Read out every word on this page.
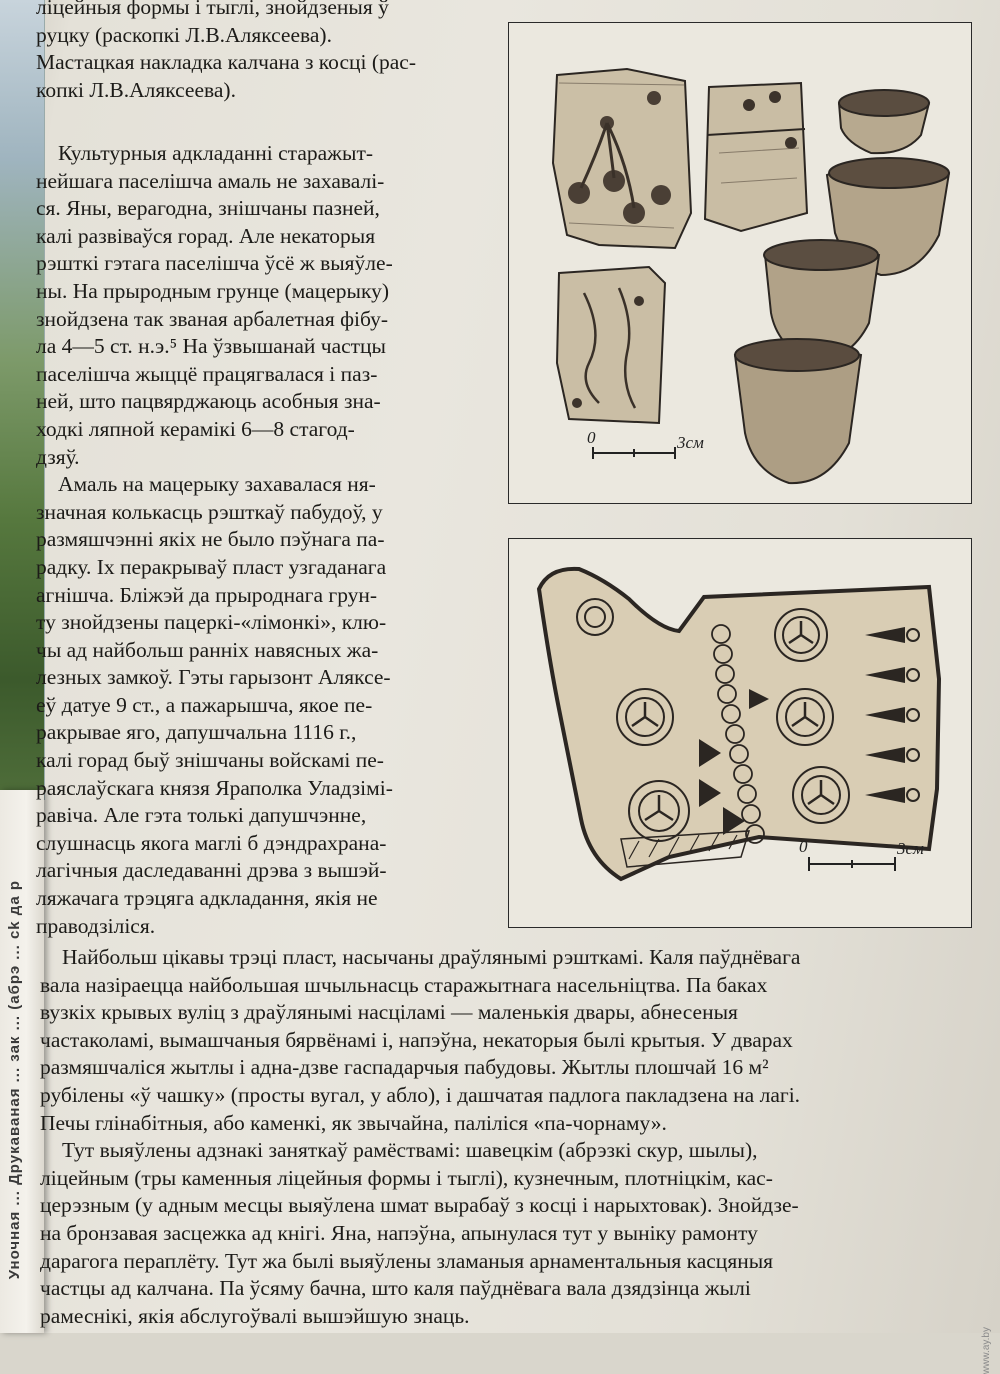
Уночная ... Друкаваная ... зак ... (абрэ ... ck да р

ліцейныя формы і тыглі, знойдзеныя ў

руцку (раскопкі Л.В.Аляксеева).

Мастацкая накладка калчана з косці (рас-

копкі Л.В.Аляксеева).

Культурныя адкладанні старажыт-

нейшага паселішча амаль не захавалі-

ся. Яны, верагодна, знішчаны пазней,

калі развіваўся горад. Але некаторыя

рэшткі гэтага паселішча ўсё ж выяўле-

ны. На прыродным грунце (мацерыку)

знойдзена так званая арбалетная фібу-

ла 4—5 ст. н.э.⁵ На ўзвышанай частцы

паселішча жыццё працягвалася і паз-

ней, што пацвярджаюць асобныя зна-

ходкі ляпной керамікі 6—8 стагод-

дзяў.

Амаль на мацерыку захавалася ня-

значная колькасць рэшткаў пабудоў, у

размяшчэнні якіх не было пэўнага па-

радку. Іх перакрываў пласт узгаданага

агнішча. Бліжэй да прыроднага грун-

ту знойдзены пацеркі-«лімонкі», клю-

чы ад найбольш ранніх навясных жа-

лезных замкоў. Гэты гарызонт Аляксе-

еў датуе 9 ст., а пажарышча, якое пе-

ракрывае яго, дапушчальна 1116 г.,

калі горад быў знішчаны войскамі пе-

раяслаўскага князя Яраполка Уладзімі-

равіча. Але гэта толькі дапушчэнне,

слушнасць якога маглі б дэндрахрана-

лагічныя даследаванні дрэва з вышэй-

ляжачага трэцяга адкладання, якія не

праводзіліся.

0	3см
0	3см

Найбольш цікавы трэці пласт, насычаны драўлянымі рэшткамі. Каля паўднёвага

вала назіраецца найбольшая шчыльнасць старажытнага насельніцтва. Па баках

вузкіх крывых вуліц з драўлянымі насціламі — маленькія двары, абнесеныя

частаколамі, вымашчаныя бярвёнамі і, напэўна, некаторыя былі крытыя. У дварах

размяшчаліся жытлы і адна-дзве гаспадарчыя пабудовы. Жытлы плошчай 16 м²

рубілены «ў чашку» (просты вугал, у абло), і дашчатая падлога пакладзена на лагі.

Печы глінабітныя, або каменкі, як звычайна, паліліся «па-чорнаму».

Тут выяўлены адзнакі заняткаў рамёствамі: шавецкім (абрэзкі скур, шылы),

ліцейным (тры каменныя ліцейныя формы і тыглі), кузнечным, плотніцкім, кас-

церэзным (у адным месцы выяўлена шмат вырабаў з косці і нарыхтовак). Знойдзе-

на бронзавая засцежка ад кнігі. Яна, напэўна, апынулася тут у выніку рамонту

дарагога пераплёту. Тут жа былі выяўлены зламаныя арнаментальныя касцяныя

частцы ад калчана. Па ўсяму бачна, што каля паўднёвага вала дзядзінца жылі

рамеснікі, якія абслугоўвалі вышэйшую знаць.

www.ay.by
